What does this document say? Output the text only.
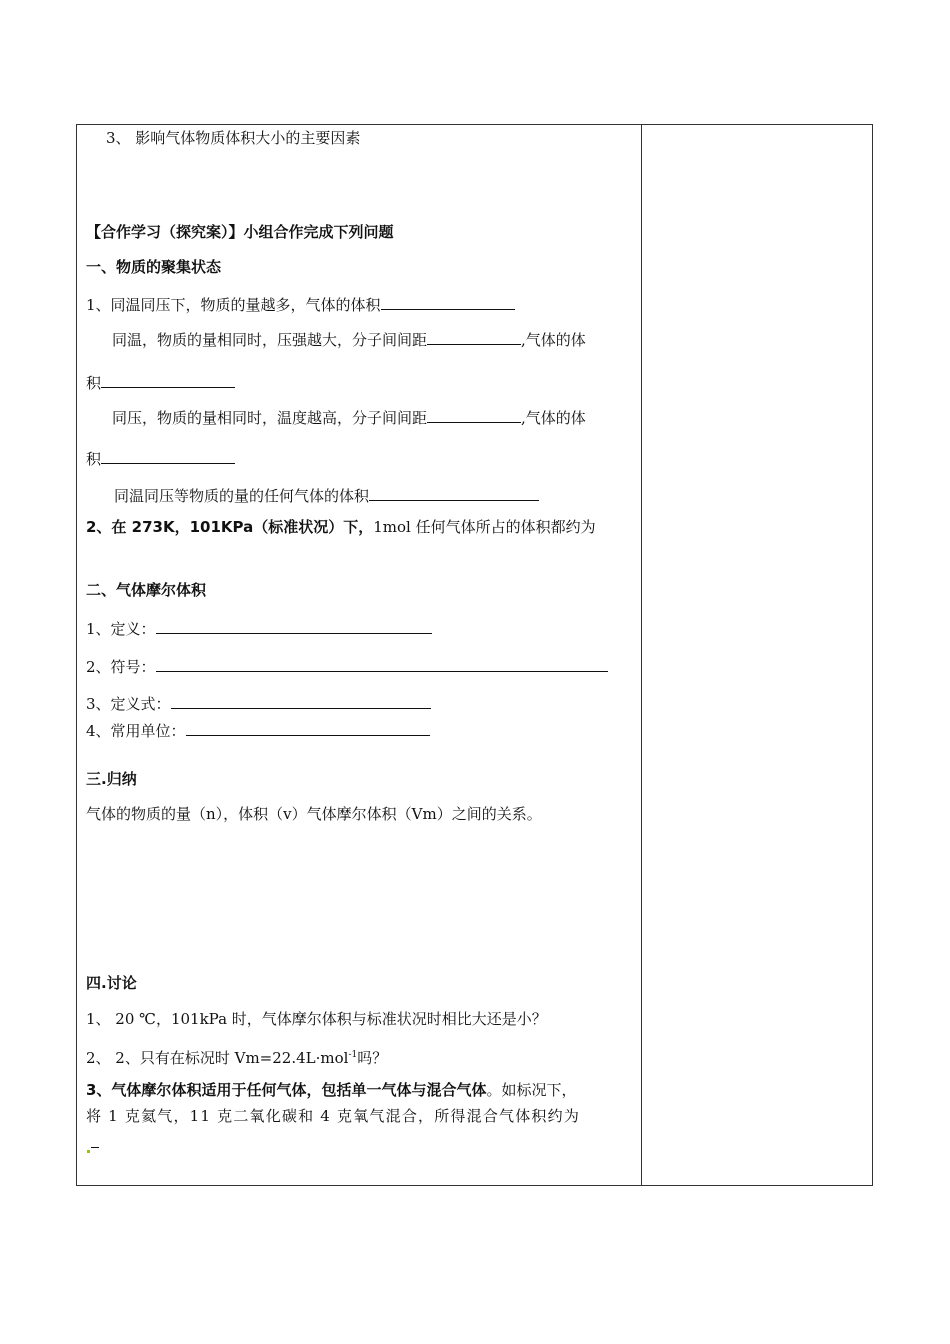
3、 影响气体物质体积大小的主要因素
【合作学习（探究案）】小组合作完成下列问题
一、物质的聚集状态
1、同温同压下，物质的量越多，气体的体积
同温，物质的量相同时，压强越大，分子间间距	,气体的体
积
同压，物质的量相同时，温度越高，分子间间距	,气体的体
积
同温同压等物质的量的任何气体的体积
2、在 273K，101KPa（标准状况）下，1mol 任何气体所占的体积都约为
二、气体摩尔体积
1、定义：
2、符号：
3、定义式：
4、常用单位：
三.归纳
气体的物质的量（n），体积（v）气体摩尔体积（Vm）之间的关系。
四.讨论
1、 20 ℃，101kPa 时，气体摩尔体积与标准状况时相比大还是小？
2、 2、只有在标况时 Vm=22.4L·mol$^{-1}$吗？
3、气体摩尔体积适用于任何气体，包括单一气体与混合气体。如标况下，
将 1 克氦气，11 克二氧化碳和 4 克氧气混合，所得混合气体积约为
